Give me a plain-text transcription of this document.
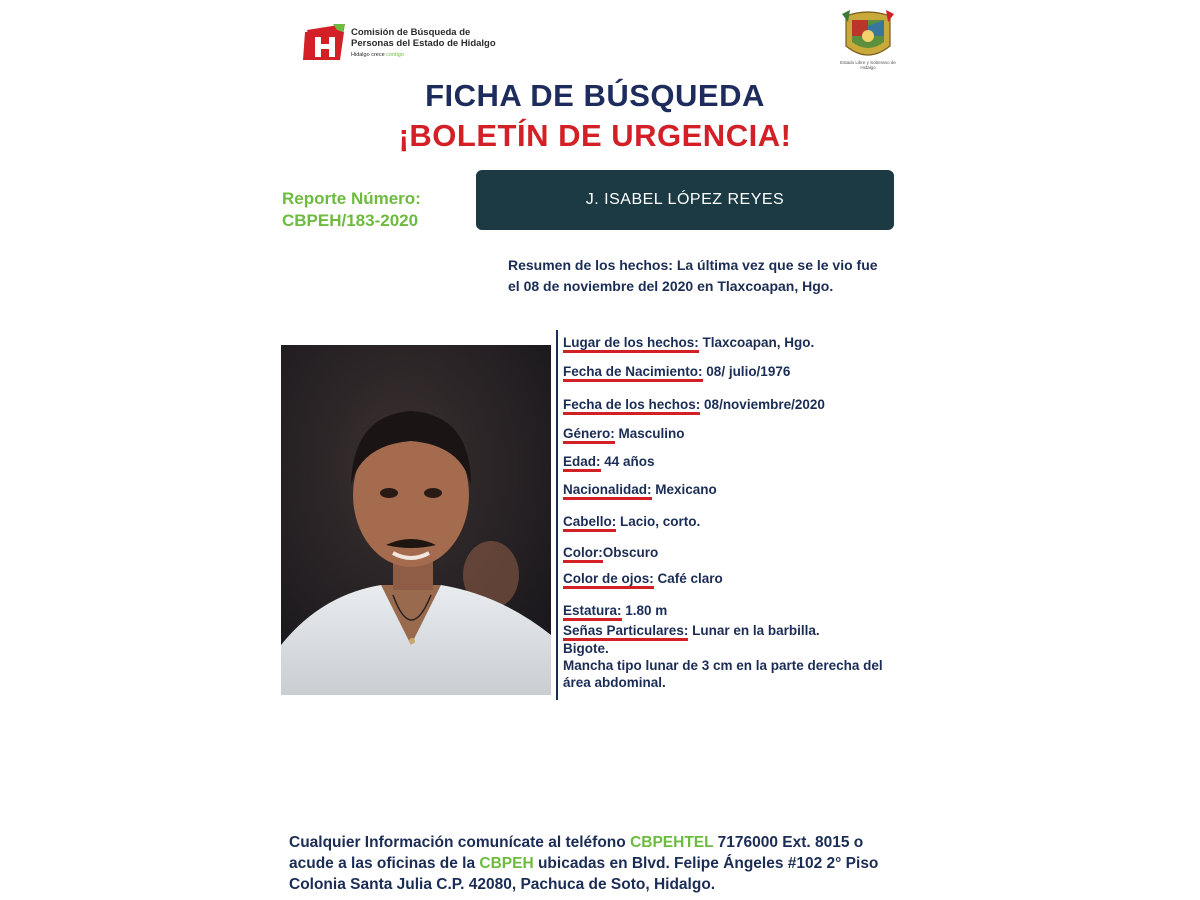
Comisión de Búsqueda de
Personas del Estado de Hidalgo
Hidalgo crece contigo
Estado Libre y Soberano de Hidalgo
FICHA DE BÚSQUEDA
¡BOLETÍN DE URGENCIA!
Reporte Número:
CBPEH/183-2020
J. ISABEL LÓPEZ REYES
Resumen de los hechos: La última vez que se le vio fue
el 08 de noviembre del 2020 en Tlaxcoapan, Hgo.
Lugar de los hechos: Tlaxcoapan, Hgo.
Fecha de Nacimiento: 08/ julio/1976
Fecha de los hechos: 08/noviembre/2020
Género: Masculino
Edad: 44 años
Nacionalidad: Mexicano
Cabello: Lacio, corto.
Color:Obscuro
Color de ojos: Café claro
Estatura: 1.80 m
Señas Particulares: Lunar en la barbilla.
Bigote.
Mancha tipo lunar de 3 cm en la parte derecha del
área abdominal.
Cualquier Información comunícate al teléfono CBPEHTEL 7176000 Ext. 8015 o
acude a las oficinas de la CBPEH ubicadas en Blvd. Felipe Ángeles #102 2° Piso
Colonia Santa Julia C.P. 42080, Pachuca de Soto, Hidalgo.
